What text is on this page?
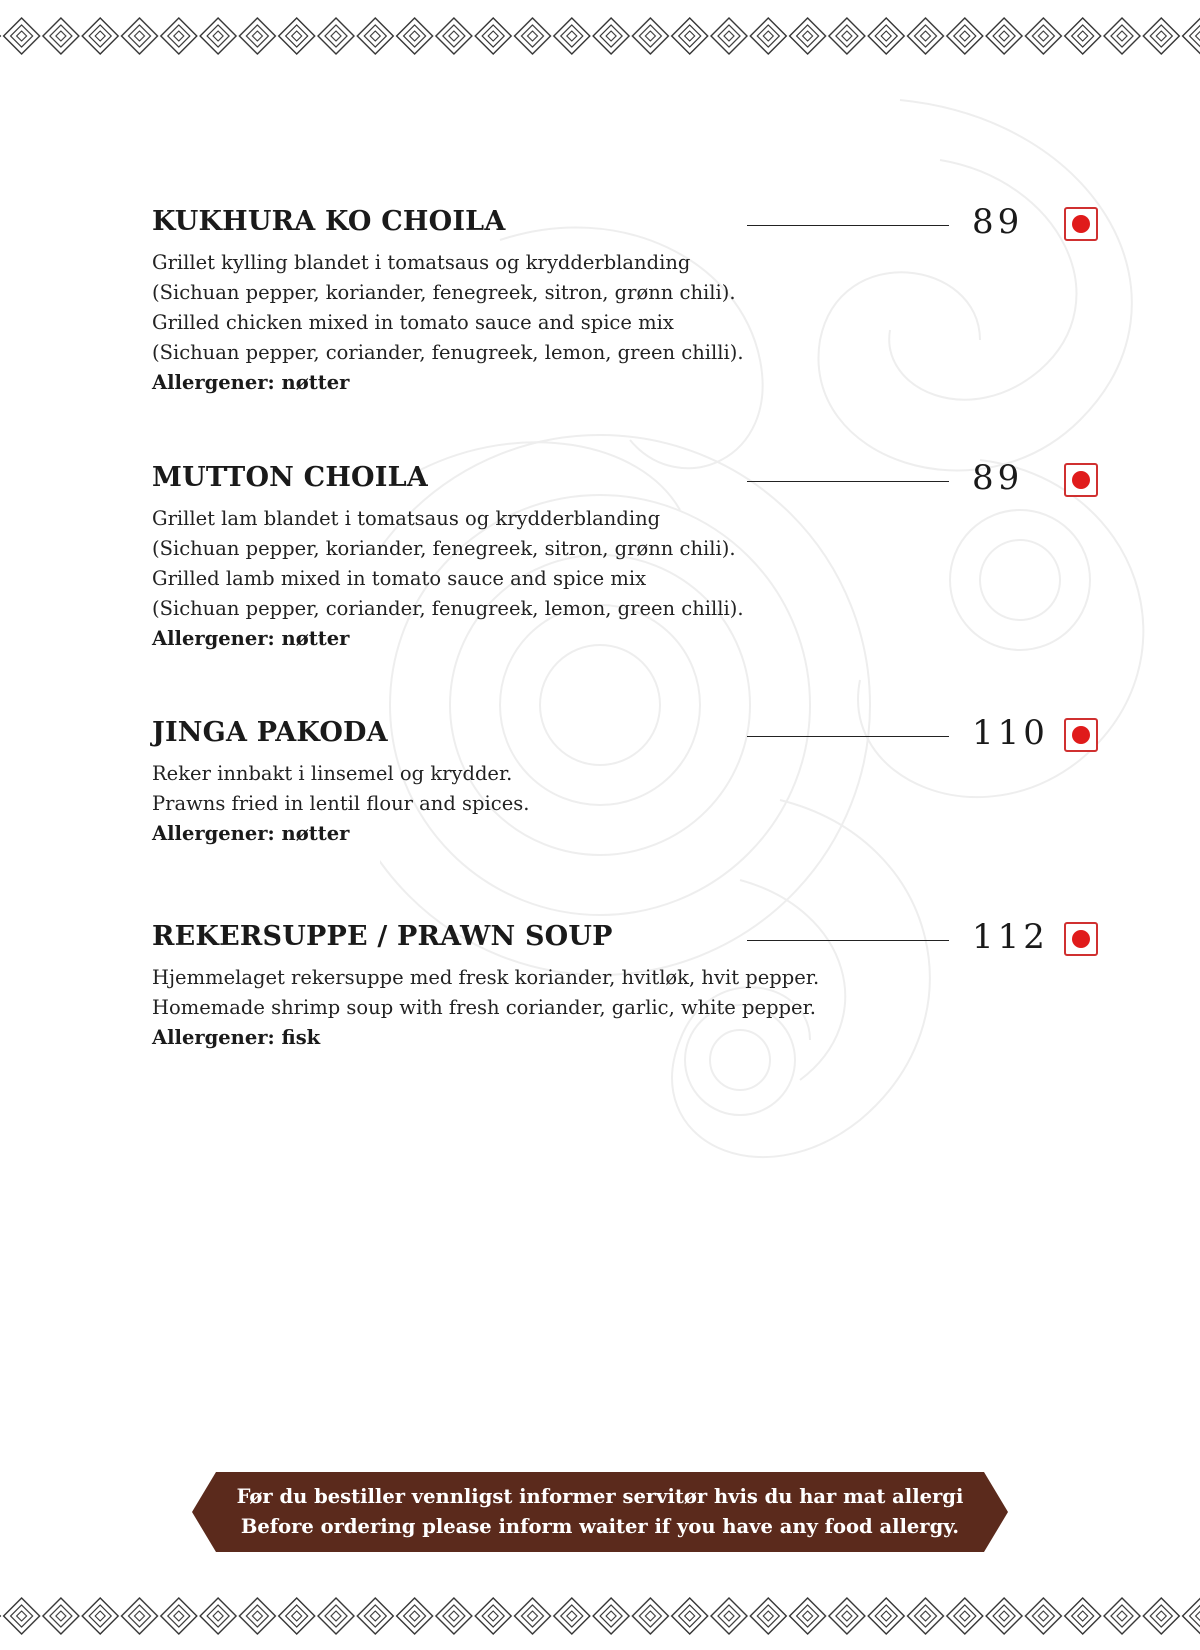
KUKHURA KO CHOILA	89
Grillet kylling blandet i tomatsaus og krydderblanding
(Sichuan pepper, koriander, fenegreek, sitron, grønn chili).
Grilled chicken mixed in tomato sauce and spice mix
(Sichuan pepper, coriander, fenugreek, lemon, green chilli).
Allergener: nøtter
MUTTON CHOILA	89
Grillet lam blandet i tomatsaus og krydderblanding
(Sichuan pepper, koriander, fenegreek, sitron, grønn chili).
Grilled lamb mixed in tomato sauce and spice mix
(Sichuan pepper, coriander, fenugreek, lemon, green chilli).
Allergener: nøtter
JINGA PAKODA	110
Reker innbakt i linsemel og krydder.
Prawns fried in lentil flour and spices.
Allergener: nøtter
REKERSUPPE / PRAWN SOUP	112
Hjemmelaget rekersuppe med fresk koriander, hvitløk, hvit pepper.
Homemade shrimp soup with fresh coriander, garlic, white pepper.
Allergener: fisk
Før du bestiller vennligst informer servitør hvis du har mat allergi
Before ordering please inform waiter if you have any food allergy.
